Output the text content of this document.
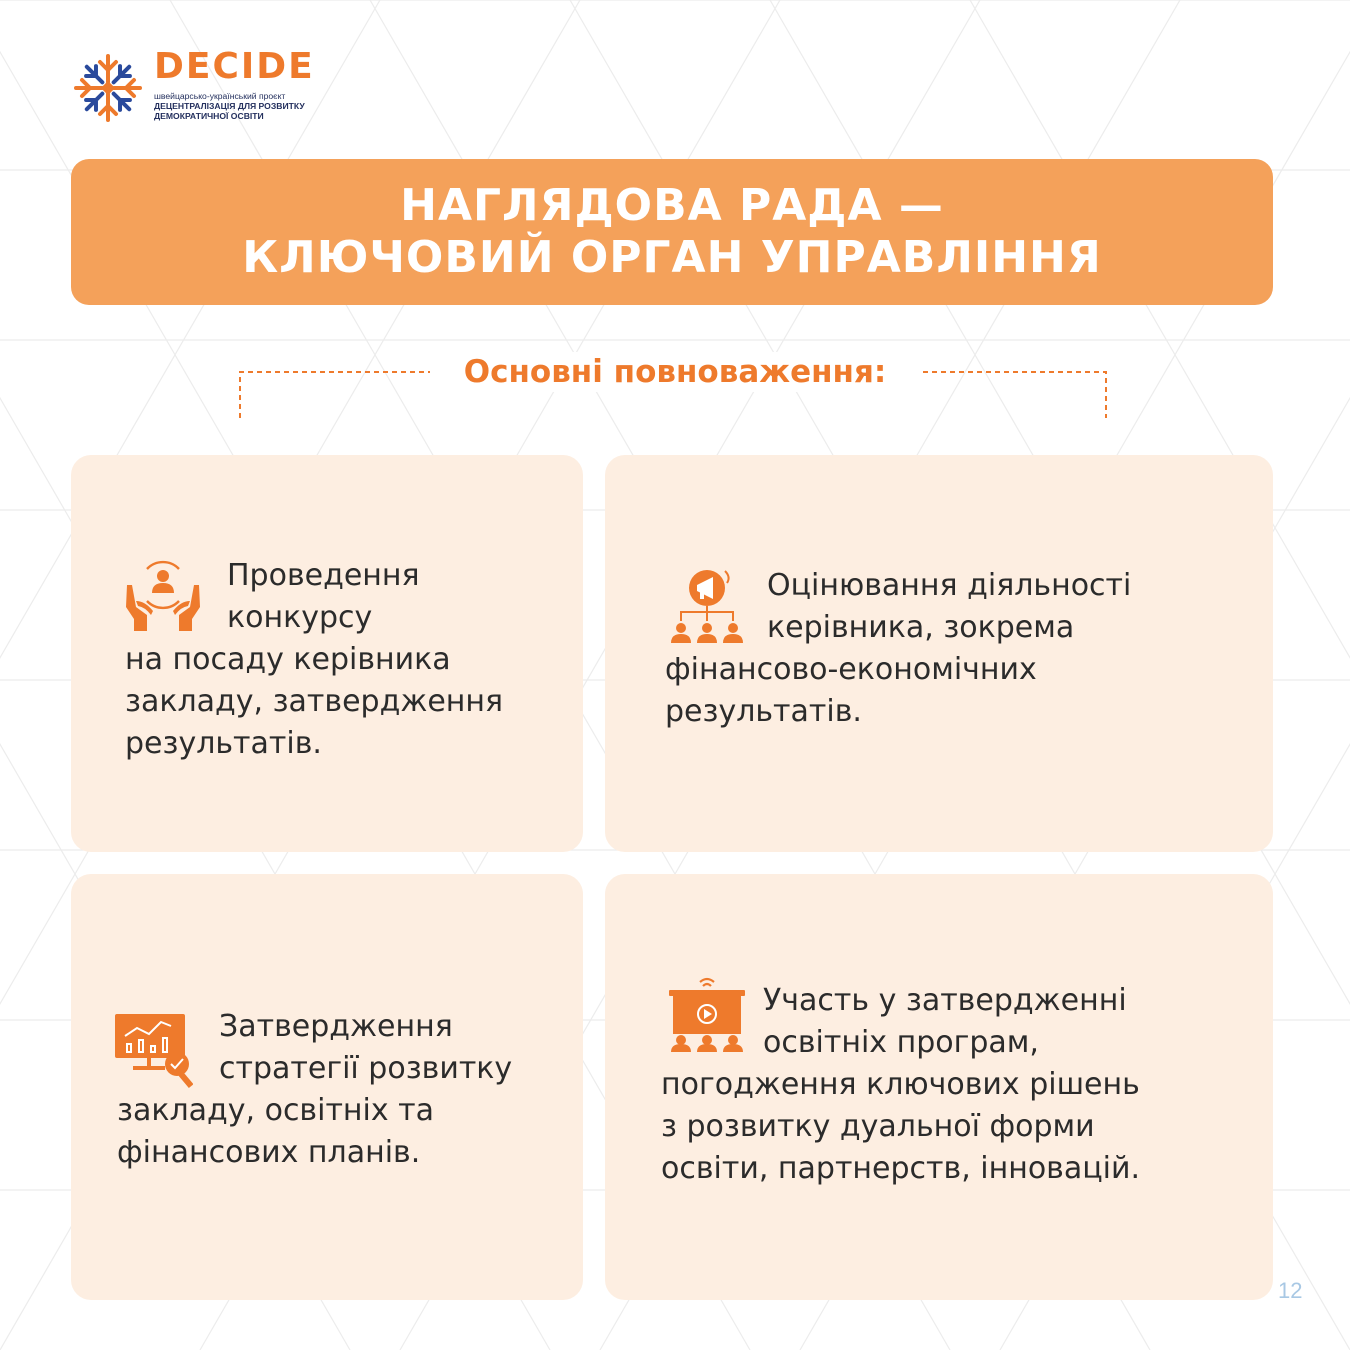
DECIDE
швейцарсько-український проєкт
ДЕЦЕНТРАЛІЗАЦІЯ ДЛЯ РОЗВИТКУ
ДЕМОКРАТИЧНОЇ ОСВІТИ
НАГЛЯДОВА РАДА —
КЛЮЧОВИЙ ОРГАН УПРАВЛІННЯ
Основні повноваження:
Проведення
конкурсу
на посаду керівника
закладу, затвердження
результатів.
Оцінювання діяльності
керівника, зокрема
фінансово-економічних
результатів.
Затвердження
стратегії розвитку
закладу, освітніх та
фінансових планів.
Участь у затвердженні
освітніх програм,
погодження ключових рішень
з розвитку дуальної форми
освіти, партнерств, інновацій.
12
